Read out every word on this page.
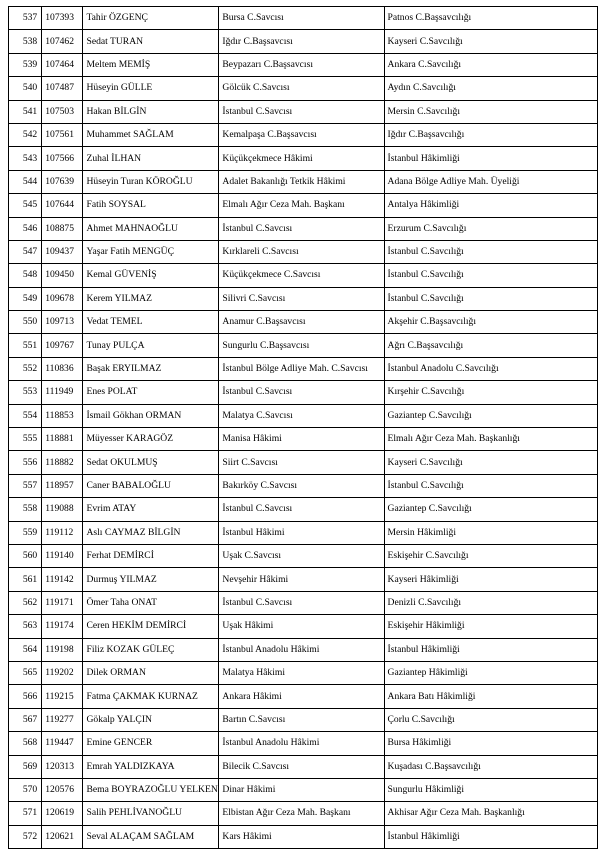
537	107393	Tahir ÖZGENÇ	Bursa C.Savcısı	Patnos C.Başsavcılığı
538	107462	Sedat TURAN	Iğdır C.Başsavcısı	Kayseri C.Savcılığı
539	107464	Meltem MEMİŞ	Beypazarı C.Başsavcısı	Ankara C.Savcılığı
540	107487	Hüseyin GÜLLE	Gölcük C.Savcısı	Aydın C.Savcılığı
541	107503	Hakan BİLGİN	İstanbul C.Savcısı	Mersin C.Savcılığı
542	107561	Muhammet SAĞLAM	Kemalpaşa C.Başsavcısı	Iğdır C.Başsavcılığı
543	107566	Zuhal İLHAN	Küçükçekmece Hâkimi	İstanbul Hâkimliği
544	107639	Hüseyin Turan KÖROĞLU	Adalet Bakanlığı Tetkik Hâkimi	Adana Bölge Adliye Mah. Üyeliği
545	107644	Fatih SOYSAL	Elmalı Ağır Ceza Mah. Başkanı	Antalya Hâkimliği
546	108875	Ahmet MAHNAOĞLU	İstanbul C.Savcısı	Erzurum C.Savcılığı
547	109437	Yaşar Fatih MENGÜÇ	Kırklareli C.Savcısı	İstanbul C.Savcılığı
548	109450	Kemal GÜVENİŞ	Küçükçekmece C.Savcısı	İstanbul C.Savcılığı
549	109678	Kerem YILMAZ	Silivri C.Savcısı	İstanbul C.Savcılığı
550	109713	Vedat TEMEL	Anamur C.Başsavcısı	Akşehir C.Başsavcılığı
551	109767	Tunay PULÇA	Sungurlu C.Başsavcısı	Ağrı C.Başsavcılığı
552	110836	Başak ERYILMAZ	İstanbul Bölge Adliye Mah. C.Savcısı	İstanbul Anadolu C.Savcılığı
553	111949	Enes POLAT	İstanbul C.Savcısı	Kırşehir C.Savcılığı
554	118853	İsmail Gökhan ORMAN	Malatya C.Savcısı	Gaziantep C.Savcılığı
555	118881	Müyesser KARAGÖZ	Manisa Hâkimi	Elmalı Ağır Ceza Mah. Başkanlığı
556	118882	Sedat OKULMUŞ	Siirt C.Savcısı	Kayseri C.Savcılığı
557	118957	Caner BABALOĞLU	Bakırköy C.Savcısı	İstanbul C.Savcılığı
558	119088	Evrim ATAY	İstanbul C.Savcısı	Gaziantep C.Savcılığı
559	119112	Aslı CAYMAZ BİLGİN	İstanbul Hâkimi	Mersin Hâkimliği
560	119140	Ferhat DEMİRCİ	Uşak C.Savcısı	Eskişehir C.Savcılığı
561	119142	Durmuş YILMAZ	Nevşehir Hâkimi	Kayseri Hâkimliği
562	119171	Ömer Taha ONAT	İstanbul C.Savcısı	Denizli C.Savcılığı
563	119174	Ceren HEKİM DEMİRCİ	Uşak Hâkimi	Eskişehir Hâkimliği
564	119198	Filiz KOZAK GÜLEÇ	İstanbul Anadolu Hâkimi	İstanbul Hâkimliği
565	119202	Dilek ORMAN	Malatya Hâkimi	Gaziantep Hâkimliği
566	119215	Fatma ÇAKMAK KURNAZ	Ankara Hâkimi	Ankara Batı Hâkimliği
567	119277	Gökalp YALÇIN	Bartın C.Savcısı	Çorlu C.Savcılığı
568	119447	Emine GENCER	İstanbul Anadolu Hâkimi	Bursa Hâkimliği
569	120313	Emrah YALDIZKAYA	Bilecik C.Savcısı	Kuşadası C.Başsavcılığı
570	120576	Bema BOYRAZOĞLU YELKEN	Dinar Hâkimi	Sungurlu Hâkimliği
571	120619	Salih PEHLİVANOĞLU	Elbistan Ağır Ceza Mah. Başkanı	Akhisar Ağır Ceza Mah. Başkanlığı
572	120621	Seval ALAÇAM SAĞLAM	Kars Hâkimi	İstanbul Hâkimliği
